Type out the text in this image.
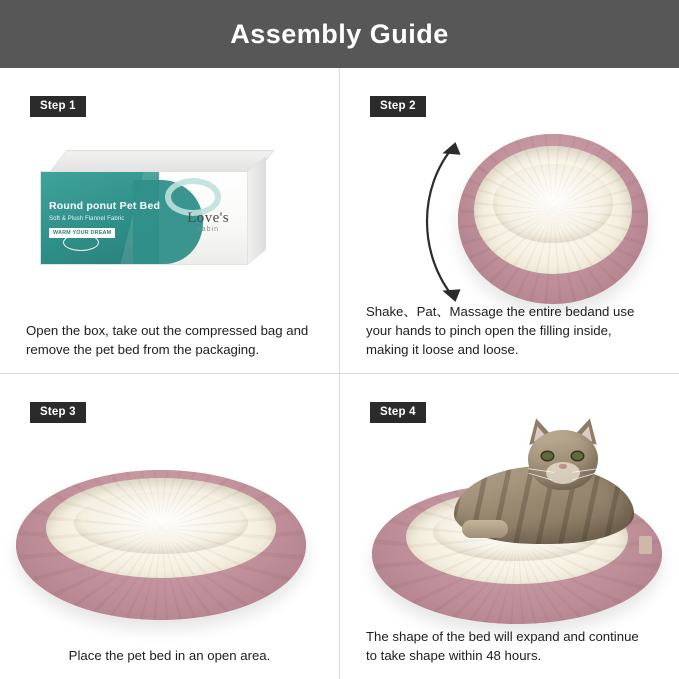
Assembly Guide
Step 1
Round ponut Pet Bed
Soft & Plush Flannel Fabric
WARM YOUR DREAM
Love's
cabin
Open the box, take out the compressed bag and remove the pet bed from the packaging.
Step 2
Shake、Pat、Massage the entire bedand use your hands to pinch open the filling inside, making it loose and loose.
Step 3
Place the pet bed in an open area.
Step 4
The shape of the bed will expand and continue to take shape within 48 hours.
